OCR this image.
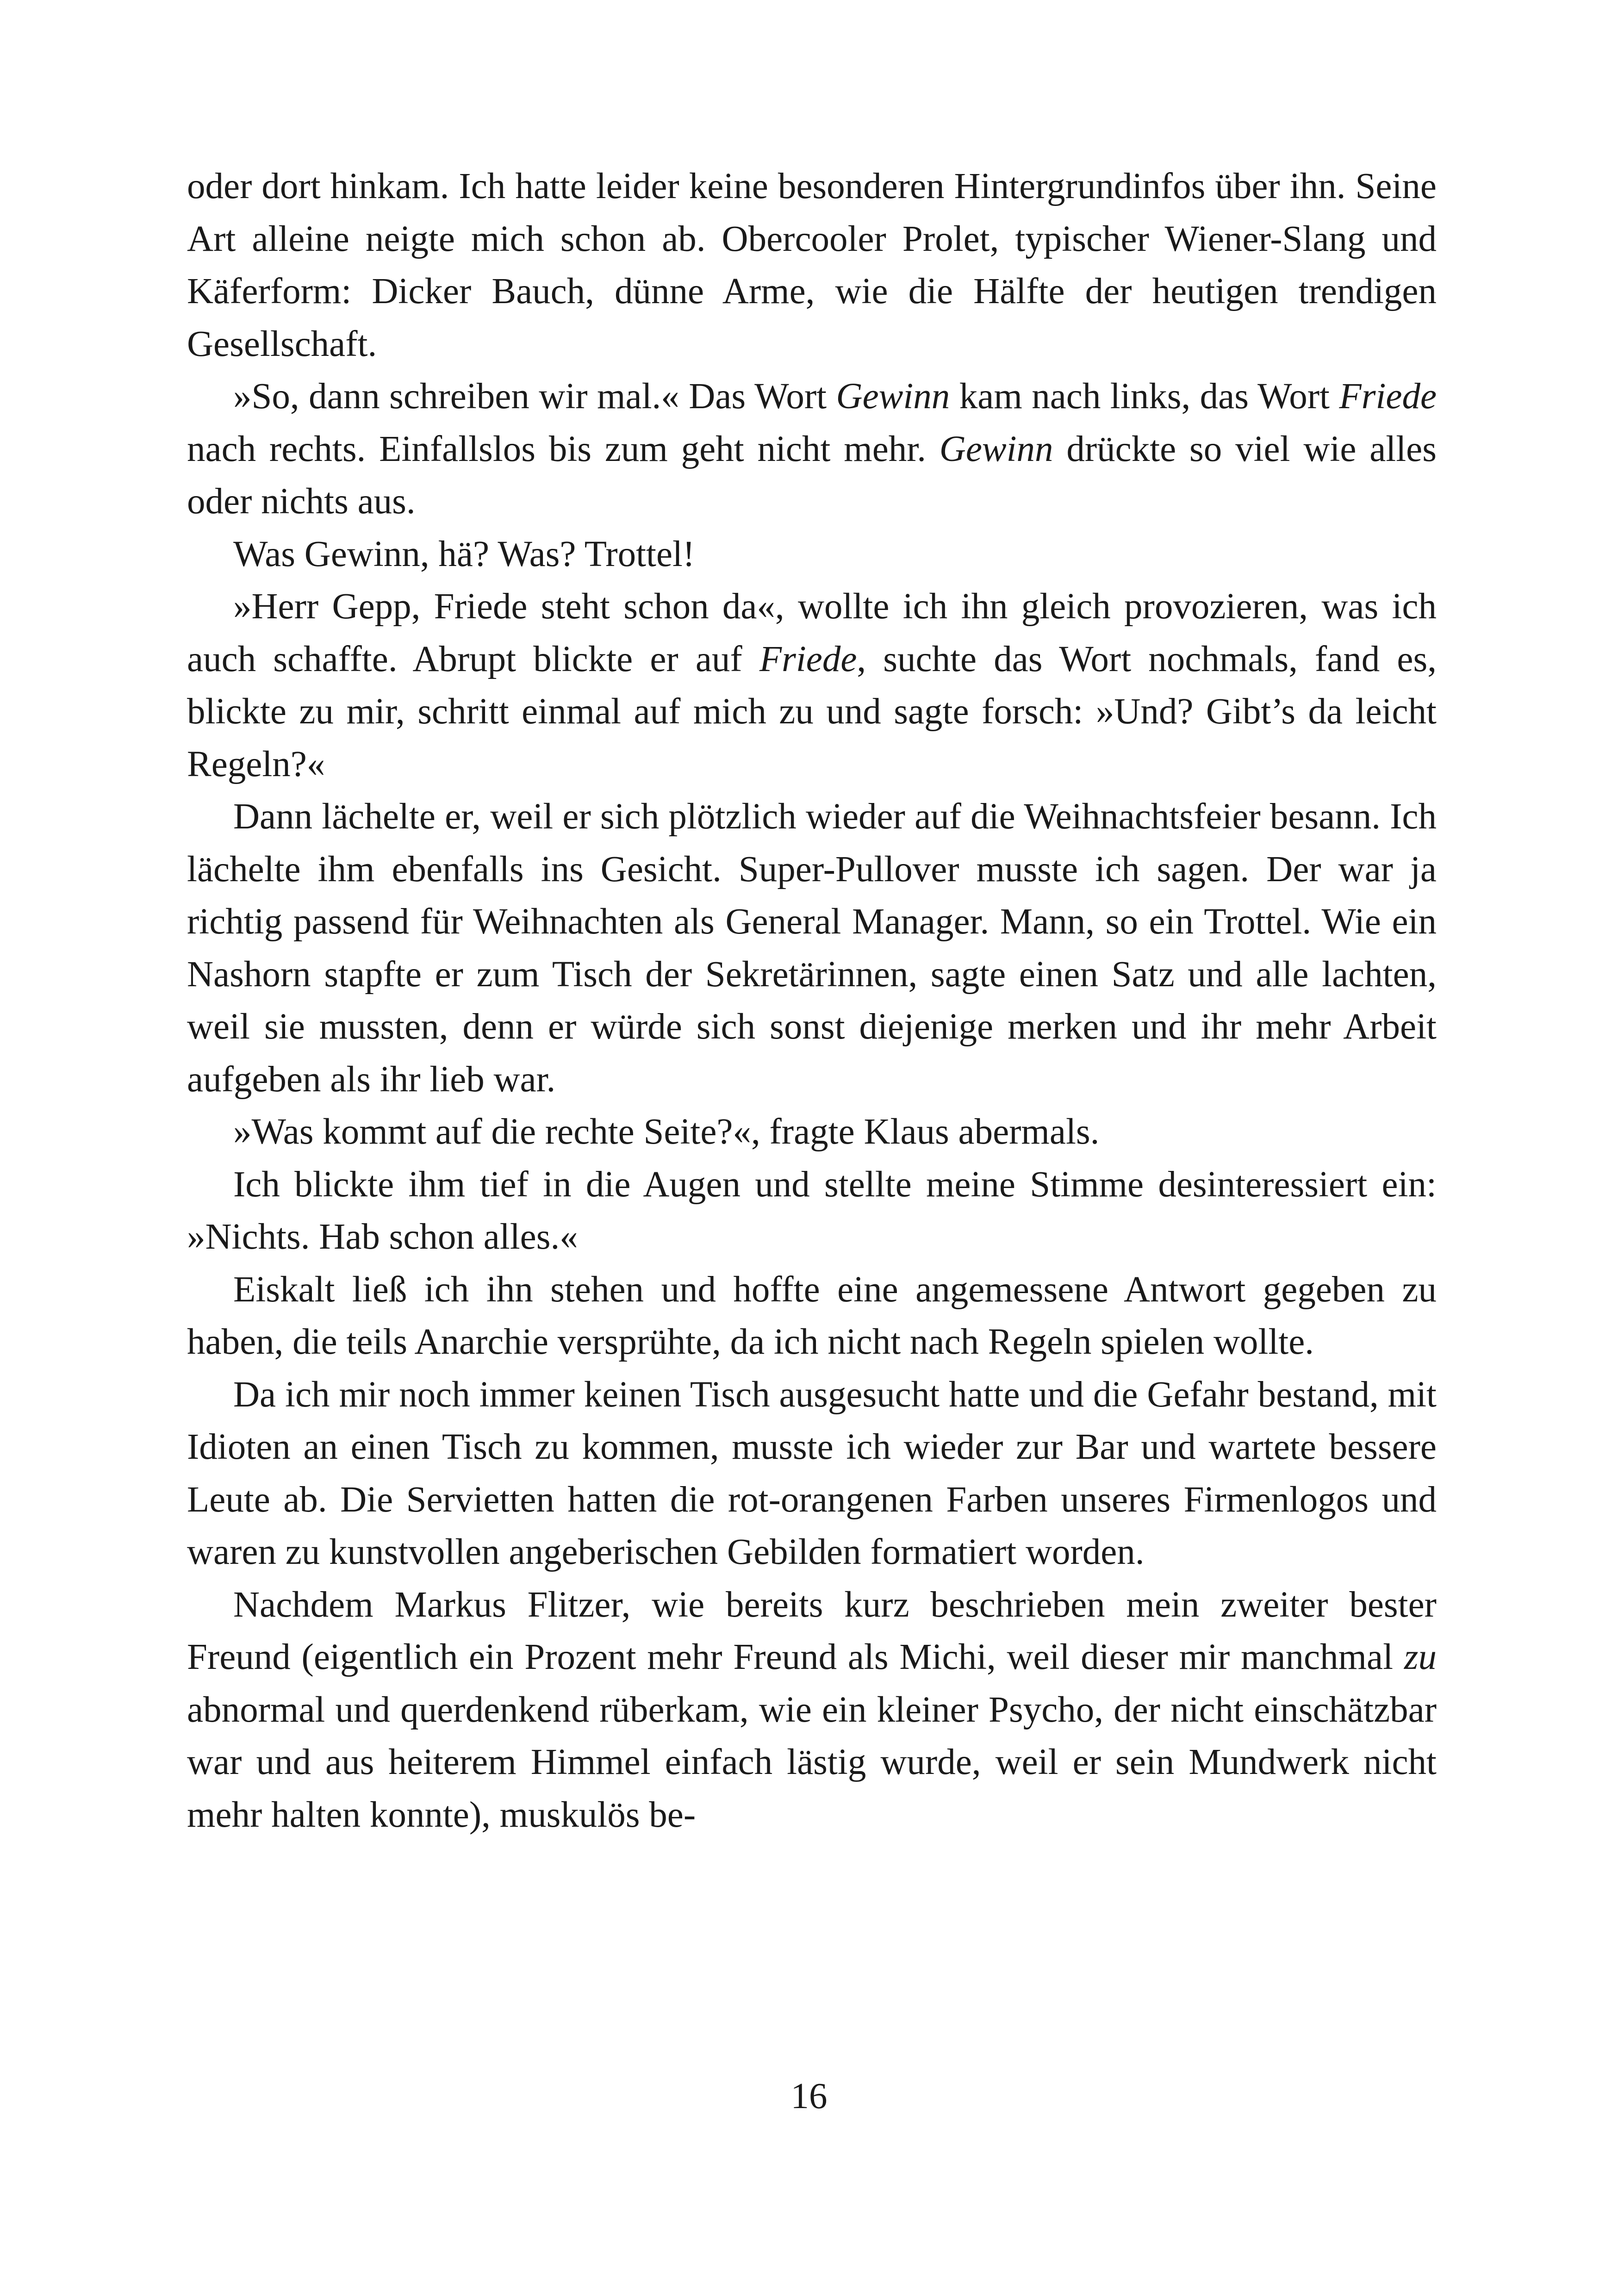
oder dort hinkam. Ich hatte leider keine besonderen Hintergrundinfos über ihn. Seine Art alleine neigte mich schon ab. Obercooler Prolet, typischer Wiener-Slang und Käferform: Dicker Bauch, dünne Arme, wie die Hälfte der heutigen trendigen Gesellschaft.

»So, dann schreiben wir mal.« Das Wort Gewinn kam nach links, das Wort Friede nach rechts. Einfallslos bis zum geht nicht mehr. Gewinn drückte so viel wie alles oder nichts aus.

Was Gewinn, hä? Was? Trottel!

»Herr Gepp, Friede steht schon da«, wollte ich ihn gleich provozieren, was ich auch schaffte. Abrupt blickte er auf Friede, suchte das Wort nochmals, fand es, blickte zu mir, schritt einmal auf mich zu und sagte forsch: »Und? Gibt’s da leicht Regeln?«

Dann lächelte er, weil er sich plötzlich wieder auf die Weihnachtsfeier besann. Ich lächelte ihm ebenfalls ins Gesicht. Super-Pullover musste ich sagen. Der war ja richtig passend für Weihnachten als General Manager. Mann, so ein Trottel. Wie ein Nashorn stapfte er zum Tisch der Sekretärinnen, sagte einen Satz und alle lachten, weil sie mussten, denn er würde sich sonst diejenige merken und ihr mehr Arbeit aufgeben als ihr lieb war.

»Was kommt auf die rechte Seite?«, fragte Klaus abermals.

Ich blickte ihm tief in die Augen und stellte meine Stimme desinteressiert ein: »Nichts. Hab schon alles.«

Eiskalt ließ ich ihn stehen und hoffte eine angemessene Antwort gegeben zu haben, die teils Anarchie versprühte, da ich nicht nach Regeln spielen wollte.

Da ich mir noch immer keinen Tisch ausgesucht hatte und die Gefahr bestand, mit Idioten an einen Tisch zu kommen, musste ich wieder zur Bar und wartete bessere Leute ab. Die Servietten hatten die rot-orangenen Farben unseres Firmenlogos und waren zu kunstvollen angeberischen Gebilden formatiert worden.

Nachdem Markus Flitzer, wie bereits kurz beschrieben mein zweiter bester Freund (eigentlich ein Prozent mehr Freund als Michi, weil dieser mir manchmal zu abnormal und querdenkend rüberkam, wie ein kleiner Psycho, der nicht einschätzbar war und aus heiterem Himmel einfach lästig wurde, weil er sein Mundwerk nicht mehr halten konnte), muskulös be-

16
